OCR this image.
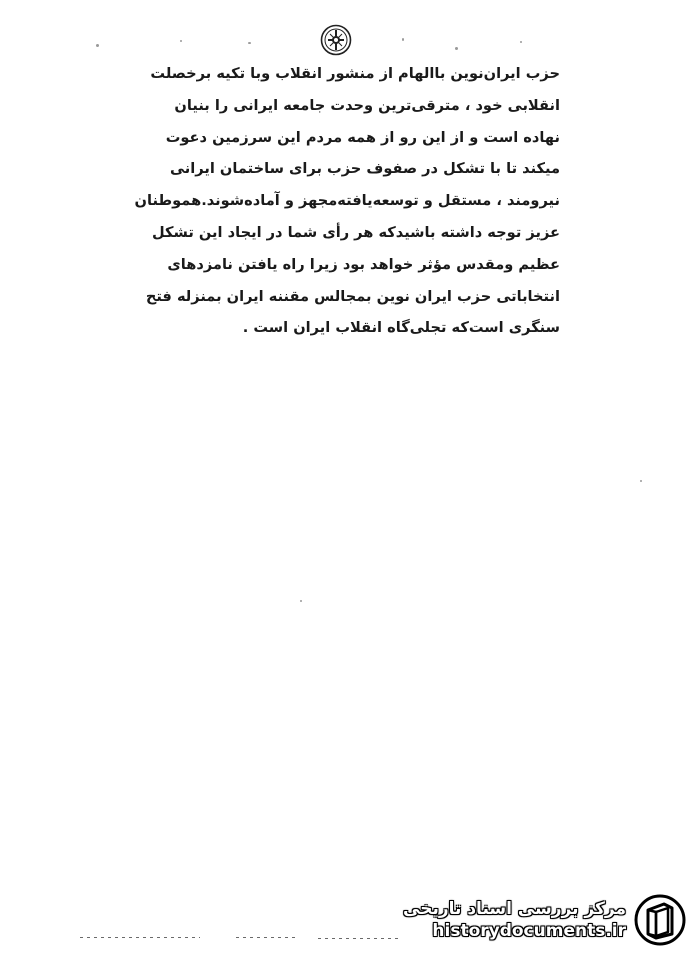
حزب ایران‌نوین باالهام از منشور انقلاب وبا تکیه برخصلت
انقلابی خود ، مترقی‌ترین وحدت جامعه ایرانی را بنیان
نهاده است و از این رو از همه مردم این سرزمین دعوت
میکند تا با تشکل در صفوف حزب برای ساختمان ایرانی
نیرومند ، مستقل و توسعه‌یافته‌مجهز و آماده‌شوند.هموطنان
عزیز توجه داشته باشیدکه هر رأی شما در ایجاد این تشکل
عظیم ومقدس مؤثر خواهد بود زیرا راه یافتن نامزدهای
انتخاباتی حزب ایران نوین بمجالس مقننه ایران بمنزله فتح
سنگری است‌که تجلی‌گاه انقلاب ایران است .
مرکز بررسی اسناد تاریخی
historydocuments.ir
